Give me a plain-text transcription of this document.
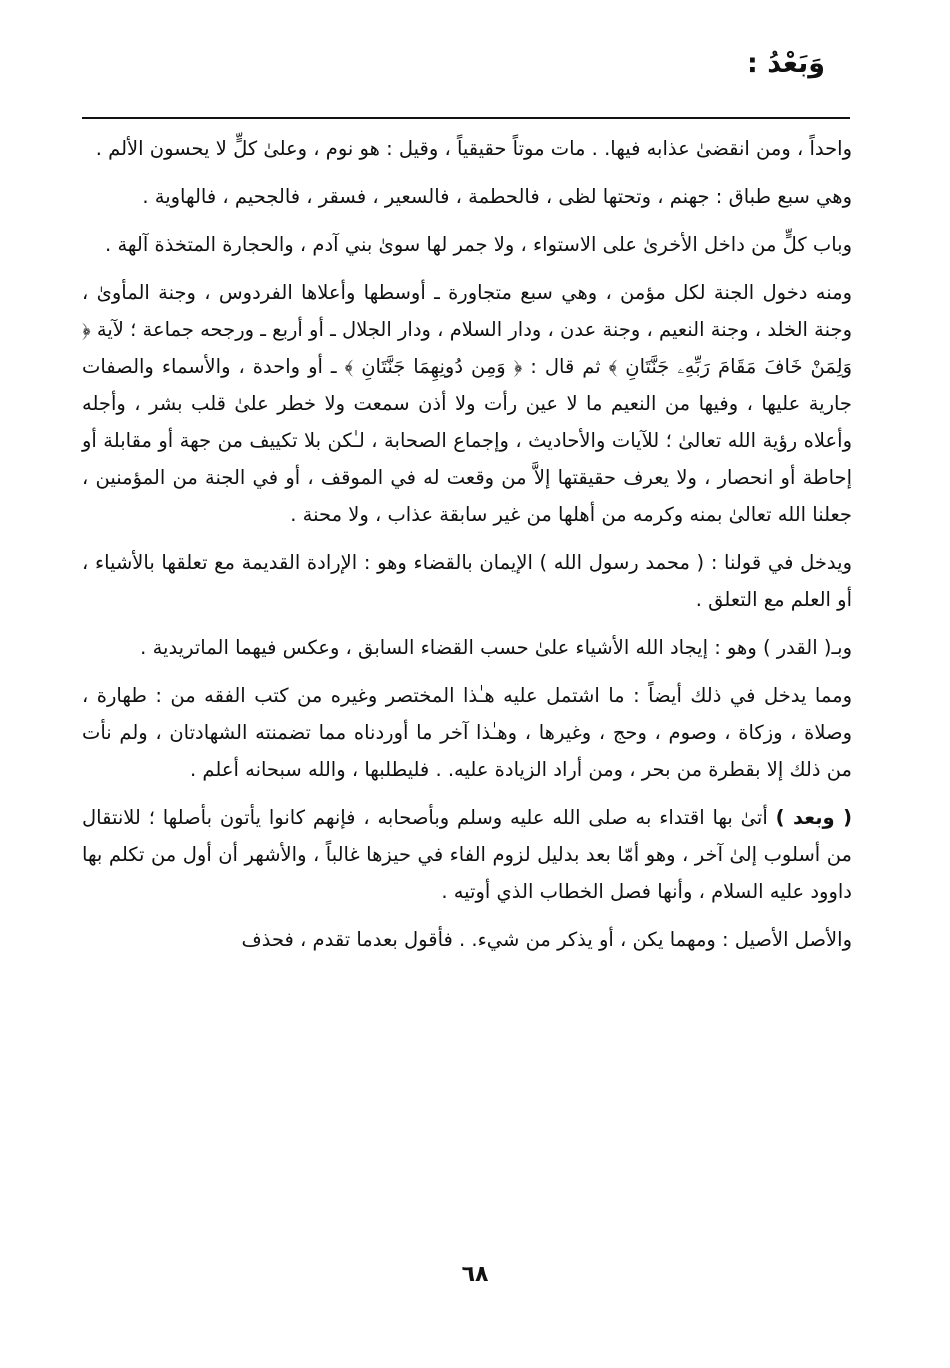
وَبَعْدُ :

واحداً ، ومن انقضىٰ عذابه فيها. . مات موتاً حقيقياً ، وقيل : هو نوم ، وعلىٰ كلٍّ لا يحسون الألم .

وهي سبع طباق : جهنم ، وتحتها لظى ، فالحطمة ، فالسعير ، فسقر ، فالجحيم ، فالهاوية .

وباب كلٍّ من داخل الأخرىٰ على الاستواء ، ولا جمر لها سوىٰ بني آدم ، والحجارة المتخذة آلهة .

ومنه دخول الجنة لكل مؤمن ، وهي سبع متجاورة ـ أوسطها وأعلاها الفردوس ، وجنة المأوىٰ ، وجنة الخلد ، وجنة النعيم ، وجنة عدن ، ودار السلام ، ودار الجلال ـ أو أربع ـ ورجحه جماعة ؛ لآية ﴿ وَلِمَنْ خَافَ مَقَامَ رَبِّهِۦ جَنَّتَانِ ﴾ ثم قال : ﴿ وَمِن دُونِهِمَا جَنَّتَانِ ﴾ ـ أو واحدة ، والأسماء والصفات جارية عليها ، وفيها من النعيم ما لا عين رأت ولا أذن سمعت ولا خطر علىٰ قلب بشر ، وأجله وأعلاه رؤية الله تعالىٰ ؛ للآيات والأحاديث ، وإجماع الصحابة ، لـٰكن بلا تكييف من جهة أو مقابلة أو إحاطة أو انحصار ، ولا يعرف حقيقتها إلاَّ من وقعت له في الموقف ، أو في الجنة من المؤمنين ، جعلنا الله تعالىٰ بمنه وكرمه من أهلها من غير سابقة عذاب ، ولا محنة .

ويدخل في قولنا : ( محمد رسول الله ) الإيمان بالقضاء وهو : الإرادة القديمة مع تعلقها بالأشياء ، أو العلم مع التعلق .

وبـ( القدر ) وهو : إيجاد الله الأشياء علىٰ حسب القضاء السابق ، وعكس فيهما الماتريدية .

ومما يدخل في ذلك أيضاً : ما اشتمل عليه هـٰذا المختصر وغيره من كتب الفقه من : طهارة ، وصلاة ، وزكاة ، وصوم ، وحج ، وغيرها ، وهـٰذا آخر ما أوردناه مما تضمنته الشهادتان ، ولم نأت من ذلك إلا بقطرة من بحر ، ومن أراد الزيادة عليه. . فليطلبها ، والله سبحانه أعلم .

( وبعد ) أتىٰ بها اقتداء به صلى الله عليه وسلم وبأصحابه ، فإنهم كانوا يأتون بأصلها ؛ للانتقال من أسلوب إلىٰ آخر ، وهو أمّا بعد بدليل لزوم الفاء في حيزها غالباً ، والأشهر أن أول من تكلم بها داوود عليه السلام ، وأنها فصل الخطاب الذي أوتيه .

والأصل الأصيل : ومهما يكن ، أو يذكر من شيء. . فأقول بعدما تقدم ، فحذف

٦٨
